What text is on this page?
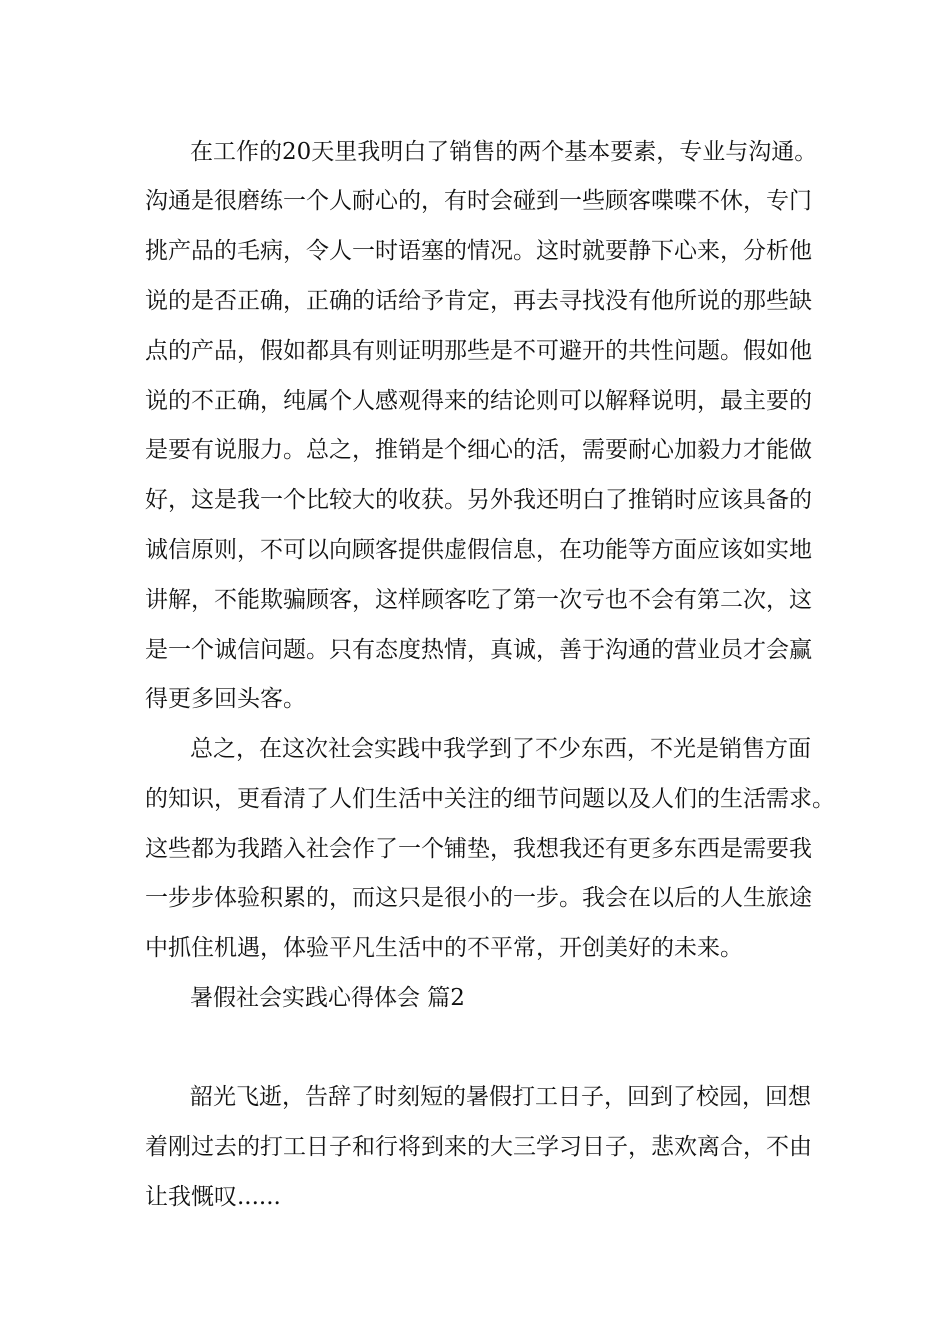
在工作的20天里我明白了销售的两个基本要素，专业与沟通。
沟通是很磨练一个人耐心的，有时会碰到一些顾客喋喋不休，专门
挑产品的毛病，令人一时语塞的情况。这时就要静下心来，分析他
说的是否正确，正确的话给予肯定，再去寻找没有他所说的那些缺
点的产品，假如都具有则证明那些是不可避开的共性问题。假如他
说的不正确，纯属个人感观得来的结论则可以解释说明，最主要的
是要有说服力。总之，推销是个细心的活，需要耐心加毅力才能做
好，这是我一个比较大的收获。另外我还明白了推销时应该具备的
诚信原则，不可以向顾客提供虚假信息，在功能等方面应该如实地
讲解，不能欺骗顾客，这样顾客吃了第一次亏也不会有第二次，这
是一个诚信问题。只有态度热情，真诚，善于沟通的营业员才会赢
得更多回头客。
总之，在这次社会实践中我学到了不少东西，不光是销售方面
的知识，更看清了人们生活中关注的细节问题以及人们的生活需求。
这些都为我踏入社会作了一个铺垫，我想我还有更多东西是需要我
一步步体验积累的，而这只是很小的一步。我会在以后的人生旅途
中抓住机遇，体验平凡生活中的不平常，开创美好的未来。
暑假社会实践心得体会 篇2
韶光飞逝，告辞了时刻短的暑假打工日子，回到了校园，回想
着刚过去的打工日子和行将到来的大三学习日子，悲欢离合，不由
让我慨叹......
